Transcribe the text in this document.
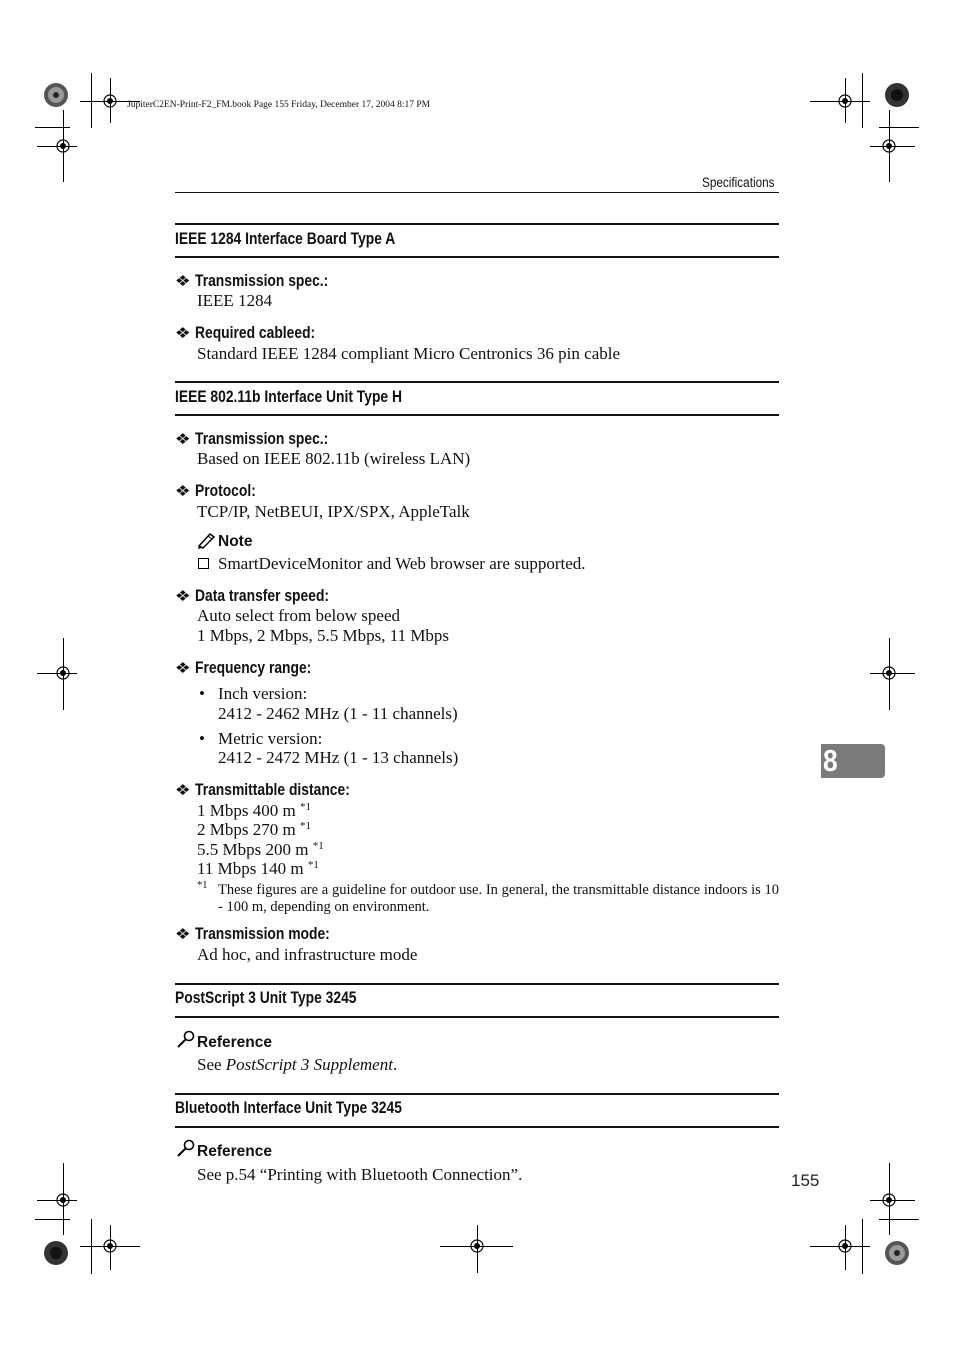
JupiterC2EN-Print-F2_FM.book Page 155 Friday, December 17, 2004 8:17 PM
Specifications
IEEE 1284 Interface Board Type A
❖ Transmission spec.:
IEEE 1284
❖ Required cableed:
Standard IEEE 1284 compliant Micro Centronics 36 pin cable
IEEE 802.11b Interface Unit Type H
❖ Transmission spec.:
Based on IEEE 802.11b (wireless LAN)
❖ Protocol:
TCP/IP, NetBEUI, IPX/SPX, AppleTalk
Note
SmartDeviceMonitor and Web browser are supported.
❖ Data transfer speed:
Auto select from below speed
1 Mbps, 2 Mbps, 5.5 Mbps, 11 Mbps
❖ Frequency range:
• Inch version:
2412 - 2462 MHz (1 - 11 channels)
• Metric version:
2412 - 2472 MHz (1 - 13 channels)
❖ Transmittable distance:
1 Mbps 400 m $^{*1}$
2 Mbps 270 m $^{*1}$
5.5 Mbps 200 m $^{*1}$
11 Mbps 140 m $^{*1}$
*1 These figures are a guideline for outdoor use. In general, the transmittable distance indoors is 10 - 100 m, depending on environment.
❖ Transmission mode:
Ad hoc, and infrastructure mode
PostScript 3 Unit Type 3245
Reference
See PostScript 3 Supplement.
Bluetooth Interface Unit Type 3245
Reference
See p.54 “Printing with Bluetooth Connection”.
8
155
